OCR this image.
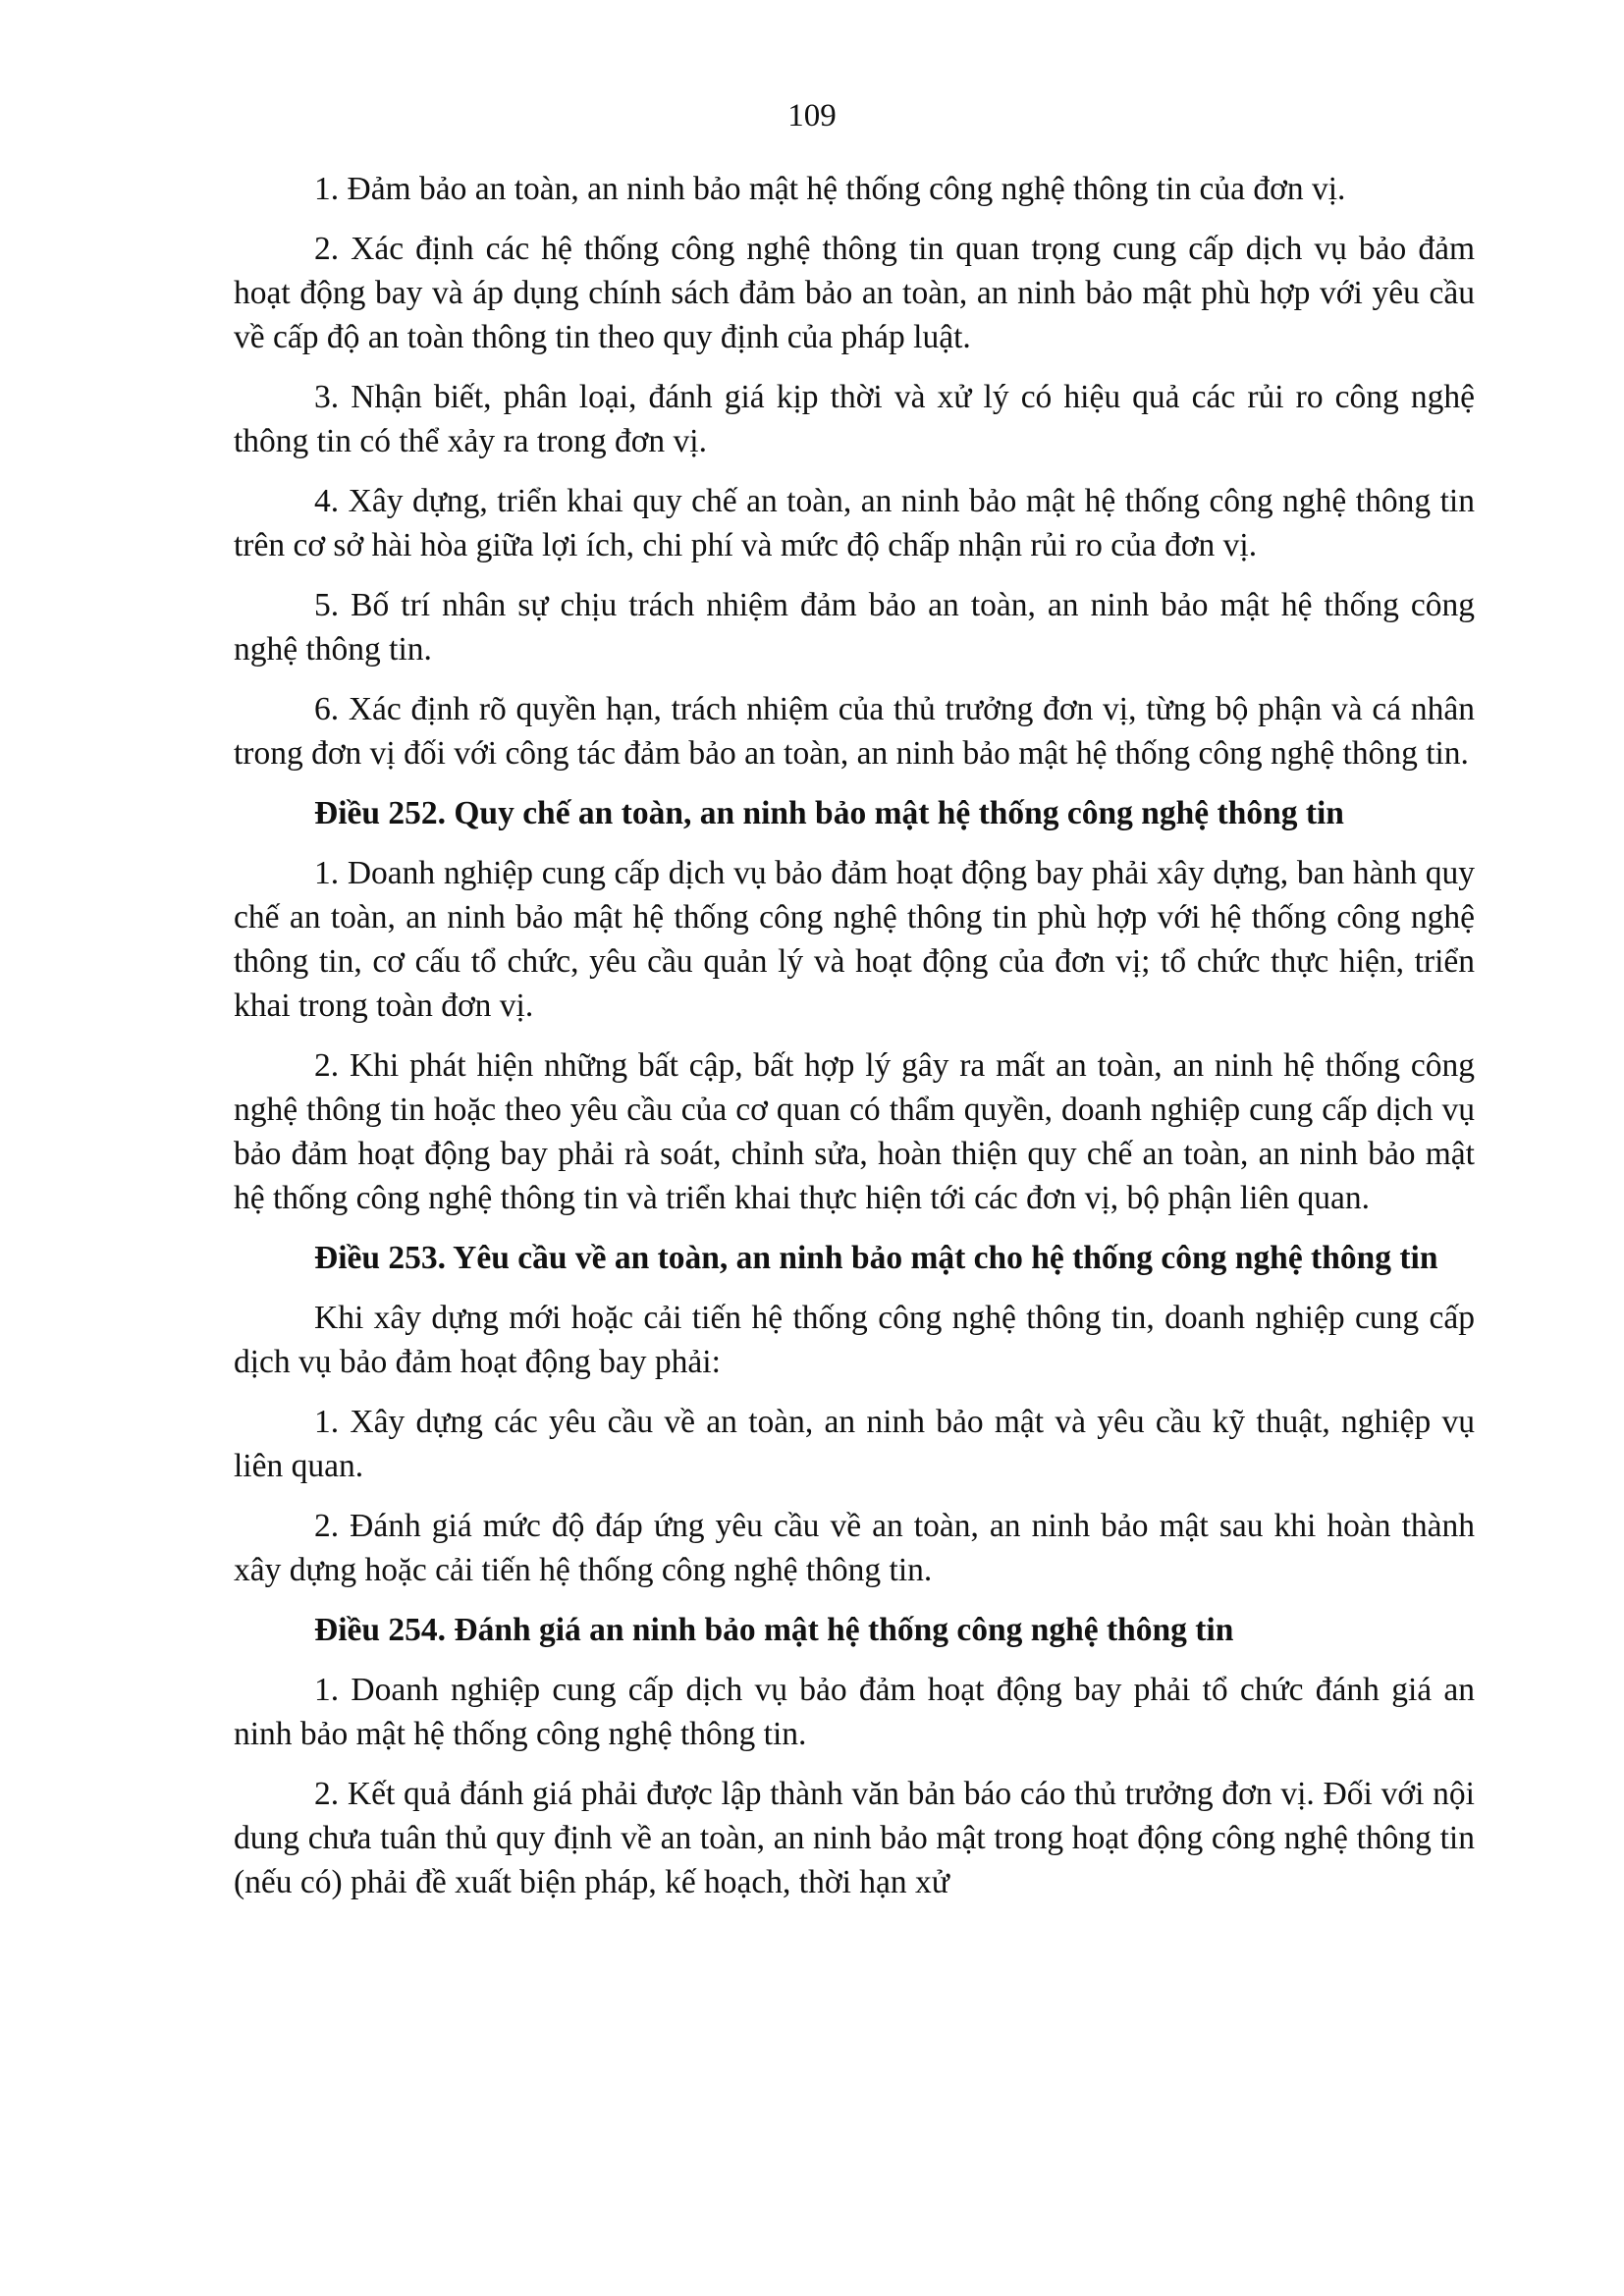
109

1. Đảm bảo an toàn, an ninh bảo mật hệ thống công nghệ thông tin của đơn vị.

2. Xác định các hệ thống công nghệ thông tin quan trọng cung cấp dịch vụ bảo đảm hoạt động bay và áp dụng chính sách đảm bảo an toàn, an ninh bảo mật phù hợp với yêu cầu về cấp độ an toàn thông tin theo quy định của pháp luật.

3. Nhận biết, phân loại, đánh giá kịp thời và xử lý có hiệu quả các rủi ro công nghệ thông tin có thể xảy ra trong đơn vị.

4. Xây dựng, triển khai quy chế an toàn, an ninh bảo mật hệ thống công nghệ thông tin trên cơ sở hài hòa giữa lợi ích, chi phí và mức độ chấp nhận rủi ro của đơn vị.

5. Bố trí nhân sự chịu trách nhiệm đảm bảo an toàn, an ninh bảo mật hệ thống công nghệ thông tin.

6. Xác định rõ quyền hạn, trách nhiệm của thủ trưởng đơn vị, từng bộ phận và cá nhân trong đơn vị đối với công tác đảm bảo an toàn, an ninh bảo mật hệ thống công nghệ thông tin.

Điều 252. Quy chế an toàn, an ninh bảo mật hệ thống công nghệ thông tin

1. Doanh nghiệp cung cấp dịch vụ bảo đảm hoạt động bay phải xây dựng, ban hành quy chế an toàn, an ninh bảo mật hệ thống công nghệ thông tin phù hợp với hệ thống công nghệ thông tin, cơ cấu tổ chức, yêu cầu quản lý và hoạt động của đơn vị; tổ chức thực hiện, triển khai trong toàn đơn vị.

2. Khi phát hiện những bất cập, bất hợp lý gây ra mất an toàn, an ninh hệ thống công nghệ thông tin hoặc theo yêu cầu của cơ quan có thẩm quyền, doanh nghiệp cung cấp dịch vụ bảo đảm hoạt động bay phải rà soát, chỉnh sửa, hoàn thiện quy chế an toàn, an ninh bảo mật hệ thống công nghệ thông tin và triển khai thực hiện tới các đơn vị, bộ phận liên quan.

Điều 253. Yêu cầu về an toàn, an ninh bảo mật cho hệ thống công nghệ thông tin

Khi xây dựng mới hoặc cải tiến hệ thống công nghệ thông tin, doanh nghiệp cung cấp dịch vụ bảo đảm hoạt động bay phải:

1. Xây dựng các yêu cầu về an toàn, an ninh bảo mật và yêu cầu kỹ thuật, nghiệp vụ liên quan.

2. Đánh giá mức độ đáp ứng yêu cầu về an toàn, an ninh bảo mật sau khi hoàn thành xây dựng hoặc cải tiến hệ thống công nghệ thông tin.

Điều 254. Đánh giá an ninh bảo mật hệ thống công nghệ thông tin

1. Doanh nghiệp cung cấp dịch vụ bảo đảm hoạt động bay phải tổ chức đánh giá an ninh bảo mật hệ thống công nghệ thông tin.

2. Kết quả đánh giá phải được lập thành văn bản báo cáo thủ trưởng đơn vị. Đối với nội dung chưa tuân thủ quy định về an toàn, an ninh bảo mật trong hoạt động công nghệ thông tin (nếu có) phải đề xuất biện pháp, kế hoạch, thời hạn xử
